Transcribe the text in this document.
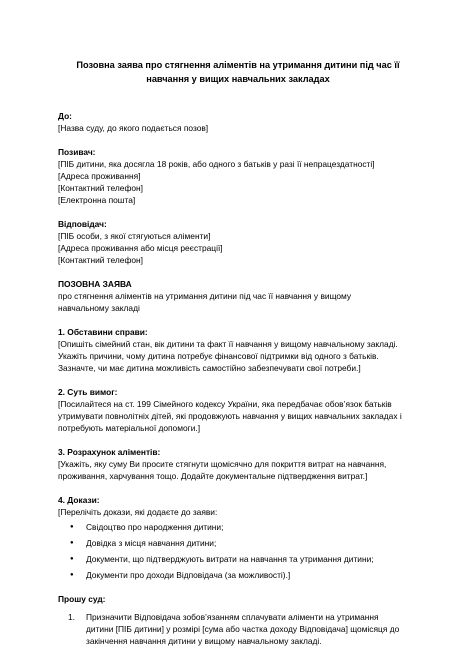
Позовна заява про стягнення аліментів на утримання дитини під час її
навчання у вищих навчальних закладах
До:
[Назва суду, до якого подається позов]
Позивач:
[ПІБ дитини, яка досягла 18 років, або одного з батьків у разі її непрацездатності]
[Адреса проживання]
[Контактний телефон]
[Електронна пошта]
Відповідач:
[ПІБ особи, з якої стягуються аліменти]
[Адреса проживання або місця реєстрації]
[Контактний телефон]
ПОЗОВНА ЗАЯВА
про стягнення аліментів на утримання дитини під час її навчання у вищому
навчальному закладі
1. Обставини справи:
[Опишіть сімейний стан, вік дитини та факт її навчання у вищому навчальному закладі.
Укажіть причини, чому дитина потребує фінансової підтримки від одного з батьків.
Зазначте, чи має дитина можливість самостійно забезпечувати свої потреби.]
2. Суть вимог:
[Посилайтеся на ст. 199 Сімейного кодексу України, яка передбачає обов’язок батьків
утримувати повнолітніх дітей, які продовжують навчання у вищих навчальних закладах і
потребують матеріальної допомоги.]
3. Розрахунок аліментів:
[Укажіть, яку суму Ви просите стягнути щомісячно для покриття витрат на навчання,
проживання, харчування тощо. Додайте документальне підтвердження витрат.]
4. Докази:
[Перелічіть докази, які додаєте до заяви:
● Свідоцтво про народження дитини;
● Довідка з місця навчання дитини;
● Документи, що підтверджують витрати на навчання та утримання дитини;
● Документи про доходи Відповідача (за можливості).]
Прошу суд:
1. Призначити Відповідача зобов’язанням сплачувати аліменти на утримання
дитини [ПІБ дитини] у розмірі [сума або частка доходу Відповідача] щомісяця до
закінчення навчання дитини у вищому навчальному закладі.
